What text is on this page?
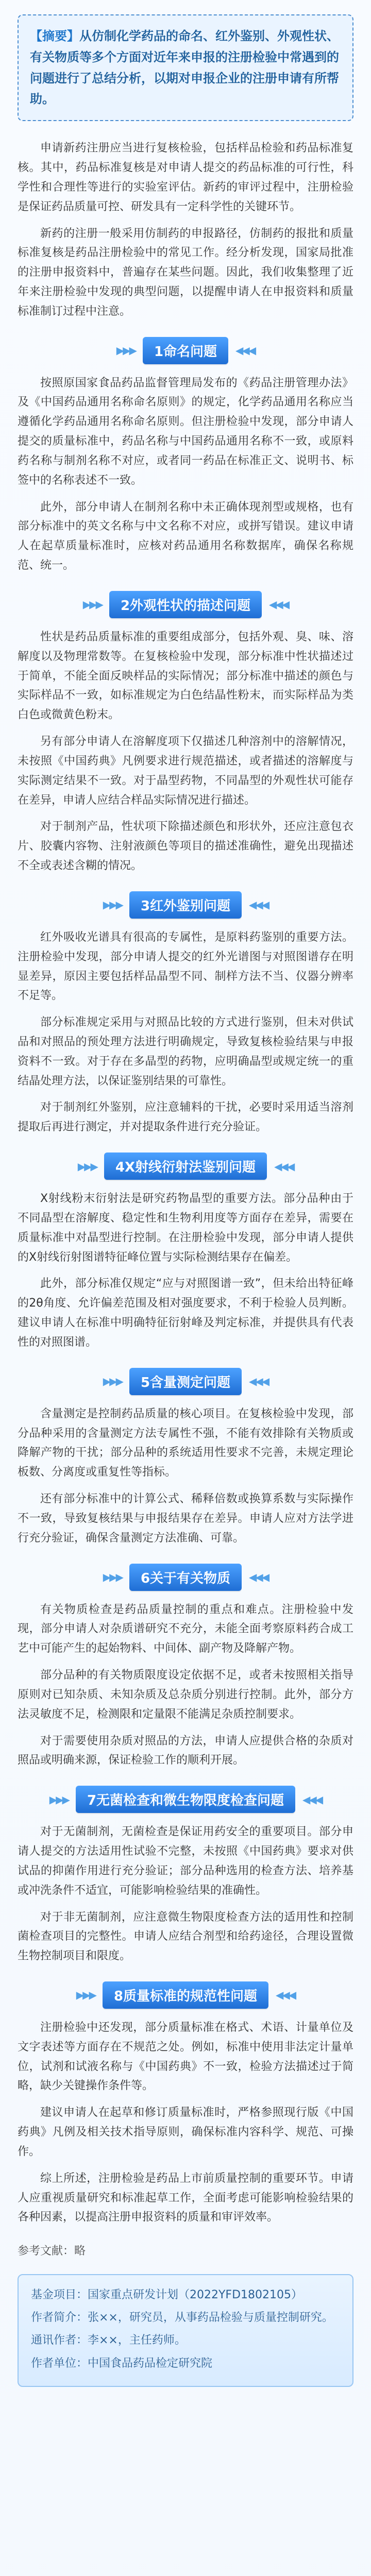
【摘要】从仿制化学药品的命名、红外鉴别、外观性状、有关物质等多个方面对近年来申报的注册检验中常遇到的问题进行了总结分析，以期对申报企业的注册申请有所帮助。

申请新药注册应当进行复核检验，包括样品检验和药品标准复核。其中，药品标准复核是对申请人提交的药品标准的可行性，科学性和合理性等进行的实验室评估。新药的审评过程中，注册检验是保证药品质量可控、研发具有一定科学性的关键环节。

新药的注册一般采用仿制药的申报路径，仿制药的报批和质量标准复核是药品注册检验中的常见工作。经分析发现，国家局批准的注册申报资料中，普遍存在某些问题。因此，我们收集整理了近年来注册检验中发现的典型问题，以提醒申请人在申报资料和质量标准制订过程中注意。

▶▶▶	1命名问题	◀◀◀

按照原国家食品药品监督管理局发布的《药品注册管理办法》及《中国药品通用名称命名原则》的规定，化学药品通用名称应当遵循化学药品通用名称命名原则。但注册检验中发现，部分申请人提交的质量标准中，药品名称与中国药品通用名称不一致，或原料药名称与制剂名称不对应，或者同一药品在标准正文、说明书、标签中的名称表述不一致。

此外，部分申请人在制剂名称中未正确体现剂型或规格，也有部分标准中的英文名称与中文名称不对应，或拼写错误。建议申请人在起草质量标准时，应核对药品通用名称数据库，确保名称规范、统一。

▶▶▶	2外观性状的描述问题	◀◀◀

性状是药品质量标准的重要组成部分，包括外观、臭、味、溶解度以及物理常数等。在复核检验中发现，部分标准中性状描述过于简单，不能全面反映样品的实际情况；部分标准中描述的颜色与实际样品不一致，如标准规定为白色结晶性粉末，而实际样品为类白色或微黄色粉末。

另有部分申请人在溶解度项下仅描述几种溶剂中的溶解情况，未按照《中国药典》凡例要求进行规范描述，或者描述的溶解度与实际测定结果不一致。对于晶型药物，不同晶型的外观性状可能存在差异，申请人应结合样品实际情况进行描述。

对于制剂产品，性状项下除描述颜色和形状外，还应注意包衣片、胶囊内容物、注射液颜色等项目的描述准确性，避免出现描述不全或表述含糊的情况。

▶▶▶	3红外鉴别问题	◀◀◀

红外吸收光谱具有很高的专属性，是原料药鉴别的重要方法。注册检验中发现，部分申请人提交的红外光谱图与对照图谱存在明显差异，原因主要包括样品晶型不同、制样方法不当、仪器分辨率不足等。

部分标准规定采用与对照品比较的方式进行鉴别，但未对供试品和对照品的预处理方法进行明确规定，导致复核检验结果与申报资料不一致。对于存在多晶型的药物，应明确晶型或规定统一的重结晶处理方法，以保证鉴别结果的可靠性。

对于制剂红外鉴别，应注意辅料的干扰，必要时采用适当溶剂提取后再进行测定，并对提取条件进行充分验证。

▶▶▶	4X射线衍射法鉴别问题	◀◀◀

X射线粉末衍射法是研究药物晶型的重要方法。部分品种由于不同晶型在溶解度、稳定性和生物利用度等方面存在差异，需要在质量标准中对晶型进行控制。在注册检验中发现，部分申请人提供的X射线衍射图谱特征峰位置与实际检测结果存在偏差。

此外，部分标准仅规定“应与对照图谱一致”，但未给出特征峰的2θ角度、允许偏差范围及相对强度要求，不利于检验人员判断。建议申请人在标准中明确特征衍射峰及判定标准，并提供具有代表性的对照图谱。

▶▶▶	5含量测定问题	◀◀◀

含量测定是控制药品质量的核心项目。在复核检验中发现，部分品种采用的含量测定方法专属性不强，不能有效排除有关物质或降解产物的干扰；部分品种的系统适用性要求不完善，未规定理论板数、分离度或重复性等指标。

还有部分标准中的计算公式、稀释倍数或换算系数与实际操作不一致，导致复核结果与申报结果存在差异。申请人应对方法学进行充分验证，确保含量测定方法准确、可靠。

▶▶▶	6关于有关物质	◀◀◀

有关物质检查是药品质量控制的重点和难点。注册检验中发现，部分申请人对杂质谱研究不充分，未能全面考察原料药合成工艺中可能产生的起始物料、中间体、副产物及降解产物。

部分品种的有关物质限度设定依据不足，或者未按照相关指导原则对已知杂质、未知杂质及总杂质分别进行控制。此外，部分方法灵敏度不足，检测限和定量限不能满足杂质控制要求。

对于需要使用杂质对照品的方法，申请人应提供合格的杂质对照品或明确来源，保证检验工作的顺利开展。

▶▶▶	7无菌检查和微生物限度检查问题	◀◀◀

对于无菌制剂，无菌检查是保证用药安全的重要项目。部分申请人提交的方法适用性试验不完整，未按照《中国药典》要求对供试品的抑菌作用进行充分验证；部分品种选用的检查方法、培养基或冲洗条件不适宜，可能影响检验结果的准确性。

对于非无菌制剂，应注意微生物限度检查方法的适用性和控制菌检查项目的完整性。申请人应结合剂型和给药途径，合理设置微生物控制项目和限度。

▶▶▶	8质量标准的规范性问题	◀◀◀

注册检验中还发现，部分质量标准在格式、术语、计量单位及文字表述等方面存在不规范之处。例如，标准中使用非法定计量单位，试剂和试液名称与《中国药典》不一致，检验方法描述过于简略，缺少关键操作条件等。

建议申请人在起草和修订质量标准时，严格参照现行版《中国药典》凡例及相关技术指导原则，确保标准内容科学、规范、可操作。

综上所述，注册检验是药品上市前质量控制的重要环节。申请人应重视质量研究和标准起草工作，全面考虑可能影响检验结果的各种因素，以提高注册申报资料的质量和审评效率。

参考文献：略

基金项目：国家重点研发计划（2022YFD1802105）

作者简介：张××，研究员，从事药品检验与质量控制研究。

通讯作者：李××，主任药师。

作者单位：中国食品药品检定研究院
